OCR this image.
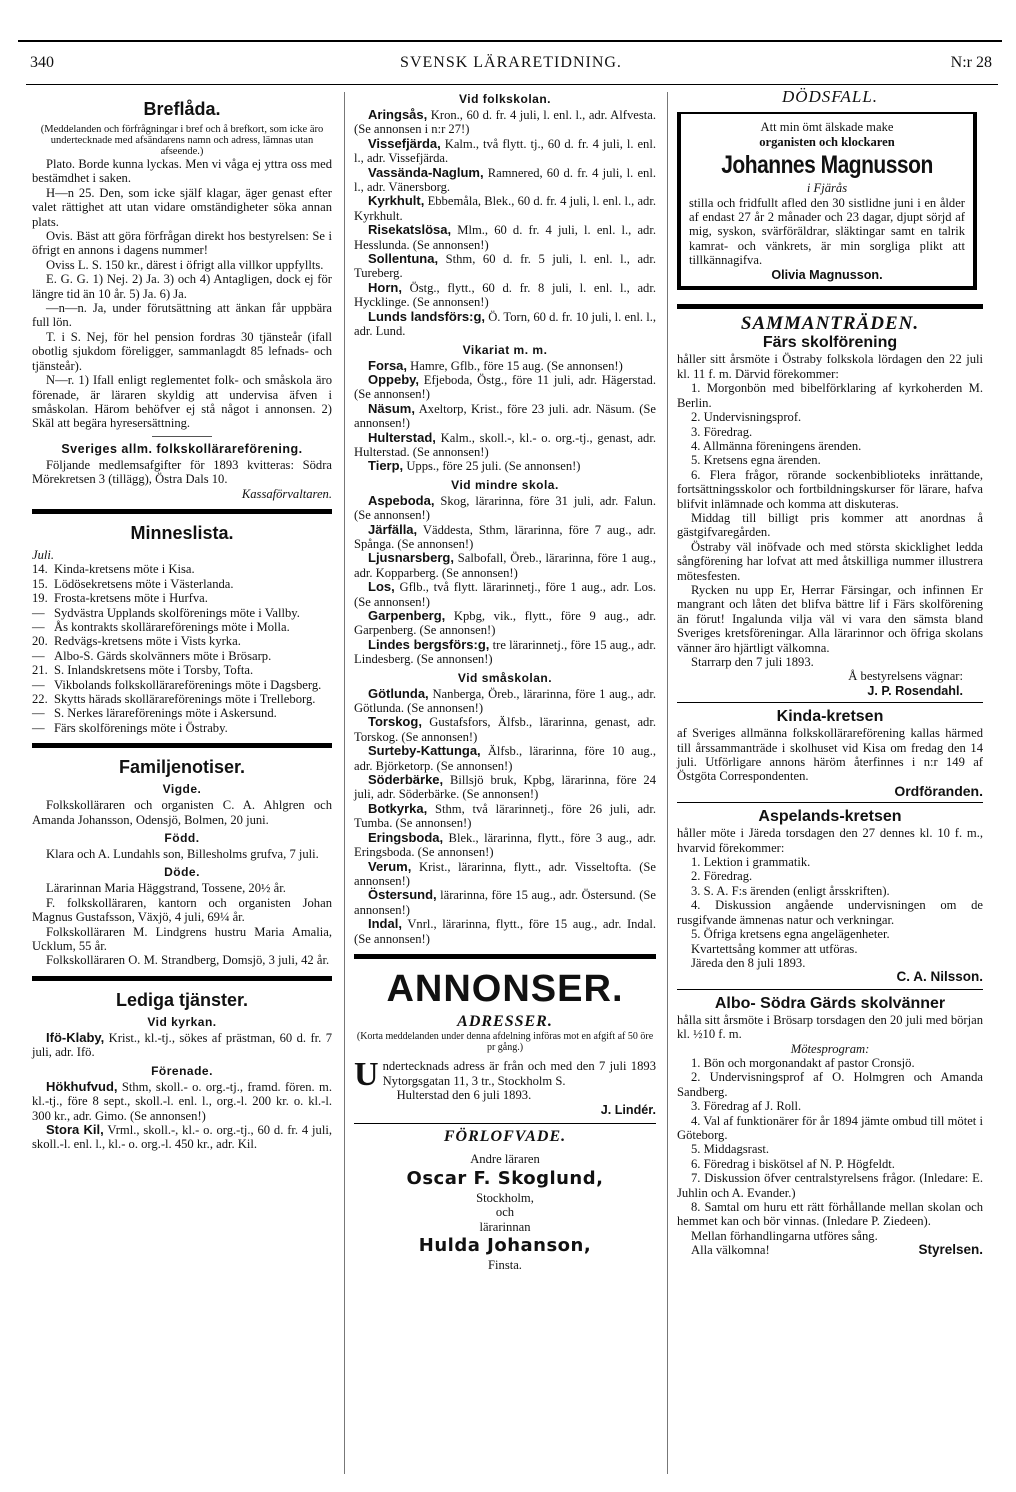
340	SVENSK LÄRARETIDNING.	N:r 28
Breflåda.
(Meddelanden och förfrågningar i bref och å brefkort, som icke äro undertecknade med afsändarens namn och adress, lämnas utan afseende.)

Plato. Borde kunna lyckas. Men vi våga ej yttra oss med bestämdhet i saken.

H—n 25. Den, som icke själf klagar, äger genast efter valet rättighet att utan vidare omständigheter söka annan plats.

Ovis. Bäst att göra förfrågan direkt hos bestyrelsen: Se i öfrigt en annons i dagens nummer!

Oviss L. S. 150 kr., därest i öfrigt alla villkor uppfyllts.

E. G. G. 1) Nej. 2) Ja. 3) och 4) Antagligen, dock ej för längre tid än 10 år. 5) Ja. 6) Ja.

—n—n. Ja, under förutsättning att änkan får uppbära full lön.

T. i S. Nej, för hel pension fordras 30 tjänsteår (ifall obotlig sjukdom föreligger, sammanlagdt 85 lefnads- och tjänsteår).

N—r. 1) Ifall enligt reglementet folk- och småskola äro förenade, är läraren skyldig att undervisa äfven i småskolan. Härom behöfver ej stå något i annonsen. 2) Skäl att begära hyresersättning.

Sveriges allm. folkskollärareförening.

Följande medlemsafgifter för 1893 kvitteras: Södra Mörekretsen 3 (tillägg), Östra Dals 10.

Kassaförvaltaren.

Minneslista.
Juli.
14. Kinda-kretsens möte i Kisa.
15. Lödösekretsens möte i Västerlanda.
19. Frosta-kretsens möte i Hurfva.
— Sydvästra Upplands skolförenings möte i Vallby.
— Ås kontrakts skollärareförenings möte i Molla.
20. Redvägs-kretsens möte i Vists kyrka.
— Albo-S. Gärds skolvänners möte i Brösarp.
21. S. Inlandskretsens möte i Torsby, Tofta.
— Vikbolands folkskollärareförenings möte i Dagsberg.
22. Skytts härads skollärareförenings möte i Trelleborg.
— S. Nerkes lärareförenings möte i Askersund.
— Färs skolförenings möte i Östraby.
Familjenotiser.
Vigde.

Folkskolläraren och organisten C. A. Ahlgren och Amanda Johansson, Odensjö, Bolmen, 20 juni.

Född.

Klara och A. Lundahls son, Billesholms grufva, 7 juli.

Döde.

Lärarinnan Maria Häggstrand, Tossene, 20½ år.

F. folkskolläraren, kantorn och organisten Johan Magnus Gustafsson, Växjö, 4 juli, 69¼ år.

Folkskolläraren M. Lindgrens hustru Maria Amalia, Ucklum, 55 år.

Folkskolläraren O. M. Strandberg, Domsjö, 3 juli, 42 år.

Lediga tjänster.
Vid kyrkan.

Ifö-Klaby, Krist., kl.-tj., sökes af prästman, 60 d. fr. 7 juli, adr. Ifö.

Förenade.

Hökhufvud, Sthm, skoll.- o. org.-tj., framd. fören. m. kl.-tj., före 8 sept., skoll.-l. enl. l., org.-l. 200 kr. o. kl.-l. 300 kr., adr. Gimo. (Se annonsen!)

Stora Kil, Vrml., skoll.-, kl.- o. org.-tj., 60 d. fr. 4 juli, skoll.-l. enl. l., kl.- o. org.-l. 450 kr., adr. Kil.

Vid folkskolan.

Aringsås, Kron., 60 d. fr. 4 juli, l. enl. l., adr. Alfvesta. (Se annonsen i n:r 27!)

Vissefjärda, Kalm., två flytt. tj., 60 d. fr. 4 juli, l. enl. l., adr. Vissefjärda.

Vassända-Naglum, Ramnered, 60 d. fr. 4 juli, l. enl. l., adr. Vänersborg.

Kyrkhult, Ebbemåla, Blek., 60 d. fr. 4 juli, l. enl. l., adr. Kyrkhult.

Risekatslösa, Mlm., 60 d. fr. 4 juli, l. enl. l., adr. Hesslunda. (Se annonsen!)

Sollentuna, Sthm, 60 d. fr. 5 juli, l. enl. l., adr. Tureberg.

Horn, Östg., flytt., 60 d. fr. 8 juli, l. enl. l., adr. Hycklinge. (Se annonsen!)

Lunds landsförs:g, Ö. Torn, 60 d. fr. 10 juli, l. enl. l., adr. Lund.

Vikariat m. m.

Forsa, Hamre, Gflb., före 15 aug. (Se annonsen!)

Oppeby, Efjeboda, Östg., före 11 juli, adr. Hägerstad. (Se annonsen!)

Näsum, Axeltorp, Krist., före 23 juli. adr. Näsum. (Se annonsen!)

Hulterstad, Kalm., skoll.-, kl.- o. org.-tj., genast, adr. Hulterstad. (Se annonsen!)

Tierp, Upps., före 25 juli. (Se annonsen!)

Vid mindre skola.

Aspeboda, Skog, lärarinna, före 31 juli, adr. Falun. (Se annonsen!)

Järfälla, Väddesta, Sthm, lärarinna, före 7 aug., adr. Spånga. (Se annonsen!)

Ljusnarsberg, Salbofall, Öreb., lärarinna, före 1 aug., adr. Kopparberg. (Se annonsen!)

Los, Gflb., två flytt. lärarinnetj., före 1 aug., adr. Los. (Se annonsen!)

Garpenberg, Kpbg, vik., flytt., före 9 aug., adr. Garpenberg. (Se annonsen!)

Lindes bergsförs:g, tre lärarinnetj., före 15 aug., adr. Lindesberg. (Se annonsen!)

Vid småskolan.

Götlunda, Nanberga, Öreb., lärarinna, före 1 aug., adr. Götlunda. (Se annonsen!)

Torskog, Gustafsfors, Älfsb., lärarinna, genast, adr. Torskog. (Se annonsen!)

Surteby-Kattunga, Älfsb., lärarinna, före 10 aug., adr. Björketorp. (Se annonsen!)

Söderbärke, Billsjö bruk, Kpbg, lärarinna, före 24 juli, adr. Söderbärke. (Se annonsen!)

Botkyrka, Sthm, två lärarinnetj., före 26 juli, adr. Tumba. (Se annonsen!)

Eringsboda, Blek., lärarinna, flytt., före 3 aug., adr. Eringsboda. (Se annonsen!)

Verum, Krist., lärarinna, flytt., adr. Visseltofta. (Se annonsen!)

Östersund, lärarinna, före 15 aug., adr. Östersund. (Se annonsen!)

Indal, Vnrl., lärarinna, flytt., före 15 aug., adr. Indal. (Se annonsen!)

ANNONSER.
ADRESSER.
(Korta meddelanden under denna afdelning införas mot en afgift af 50 öre pr gång.)
U ndertecknads adress är från och med den 7 juli 1893 Nytorgsgatan 11, 3 tr., Stockholm S.

Hulterstad den 6 juli 1893.

J. Lindér.

FÖRLOFVADE.
Andre läraren
Oscar F. Skoglund,
Stockholm,
och
lärarinnan
Hulda Johanson,
Finsta.
DÖDSFALL.
Att min ömt älskade make
organisten och klockaren
Johannes Magnusson
i Fjärås

stilla och fridfullt afled den 30 sistlidne juni i en ålder af endast 27 år 2 månader och 23 dagar, djupt sörjd af mig, syskon, svärföräldrar, släktingar samt en talrik kamrat- och vänkrets, är min sorgliga plikt att tillkännagifva.

Olivia Magnusson.
SAMMANTRÄDEN.
Färs skolförening

håller sitt årsmöte i Östraby folkskola lördagen den 22 juli kl. 11 f. m. Därvid förekommer:

1. Morgonbön med bibelförklaring af kyrkoherden M. Berlin.

2. Undervisningsprof.

3. Föredrag.

4. Allmänna föreningens ärenden.

5. Kretsens egna ärenden.

6. Flera frågor, rörande sockenbiblioteks inrättande, fortsättningsskolor och fortbildningskurser för lärare, hafva blifvit inlämnade och komma att diskuteras.

Middag till billigt pris kommer att anordnas å gästgifvaregården.

Östraby väl inöfvade och med största skicklighet ledda sångförening har lofvat att med åtskilliga nummer illustrera mötesfesten.

Rycken nu upp Er, Herrar Färsingar, och infinnen Er mangrant och låten det blifva bättre lif i Färs skolförening än förut! Ingalunda vilja väl vi vara den sämsta bland Sveriges kretsföreningar. Alla lärarinnor och öfriga skolans vänner äro hjärtligt välkomna.

Starrarp den 7 juli 1893.

Å bestyrelsens vägnar:

J. P. Rosendahl.

Kinda-kretsen

af Sveriges allmänna folkskollärareförening kallas härmed till årssammanträde i skolhuset vid Kisa om fredag den 14 juli. Utförligare annons häröm återfinnes i n:r 149 af Östgöta Correspondenten.

Ordföranden.

Aspelands-kretsen

håller möte i Järeda torsdagen den 27 dennes kl. 10 f. m., hvarvid förekommer:

1. Lektion i grammatik.

2. Föredrag.

3. S. A. F:s ärenden (enligt årsskriften).

4. Diskussion angående undervisningen om de rusgifvande ämnenas natur och verkningar.

5. Öfriga kretsens egna angelägenheter.

Kvartettsång kommer att utföras.

Järeda den 8 juli 1893.

C. A. Nilsson.

Albo- Södra Gärds skolvänner

hålla sitt årsmöte i Brösarp torsdagen den 20 juli med början kl. ½10 f. m.

Mötesprogram:

1. Bön och morgonandakt af pastor Cronsjö.

2. Undervisningsprof af O. Holmgren och Amanda Sandberg.

3. Föredrag af J. Roll.

4. Val af funktionärer för år 1894 jämte ombud till mötet i Göteborg.

5. Middagsrast.

6. Föredrag i biskötsel af N. P. Högfeldt.

7. Diskussion öfver centralstyrelsens frågor. (Inledare: E. Juhlin och A. Evander.)

8. Samtal om huru ett rätt förhållande mellan skolan och hemmet kan och bör vinnas. (Inledare P. Ziedeen).

Mellan förhandlingarna utföres sång.

Alla välkomna!	Styrelsen.
